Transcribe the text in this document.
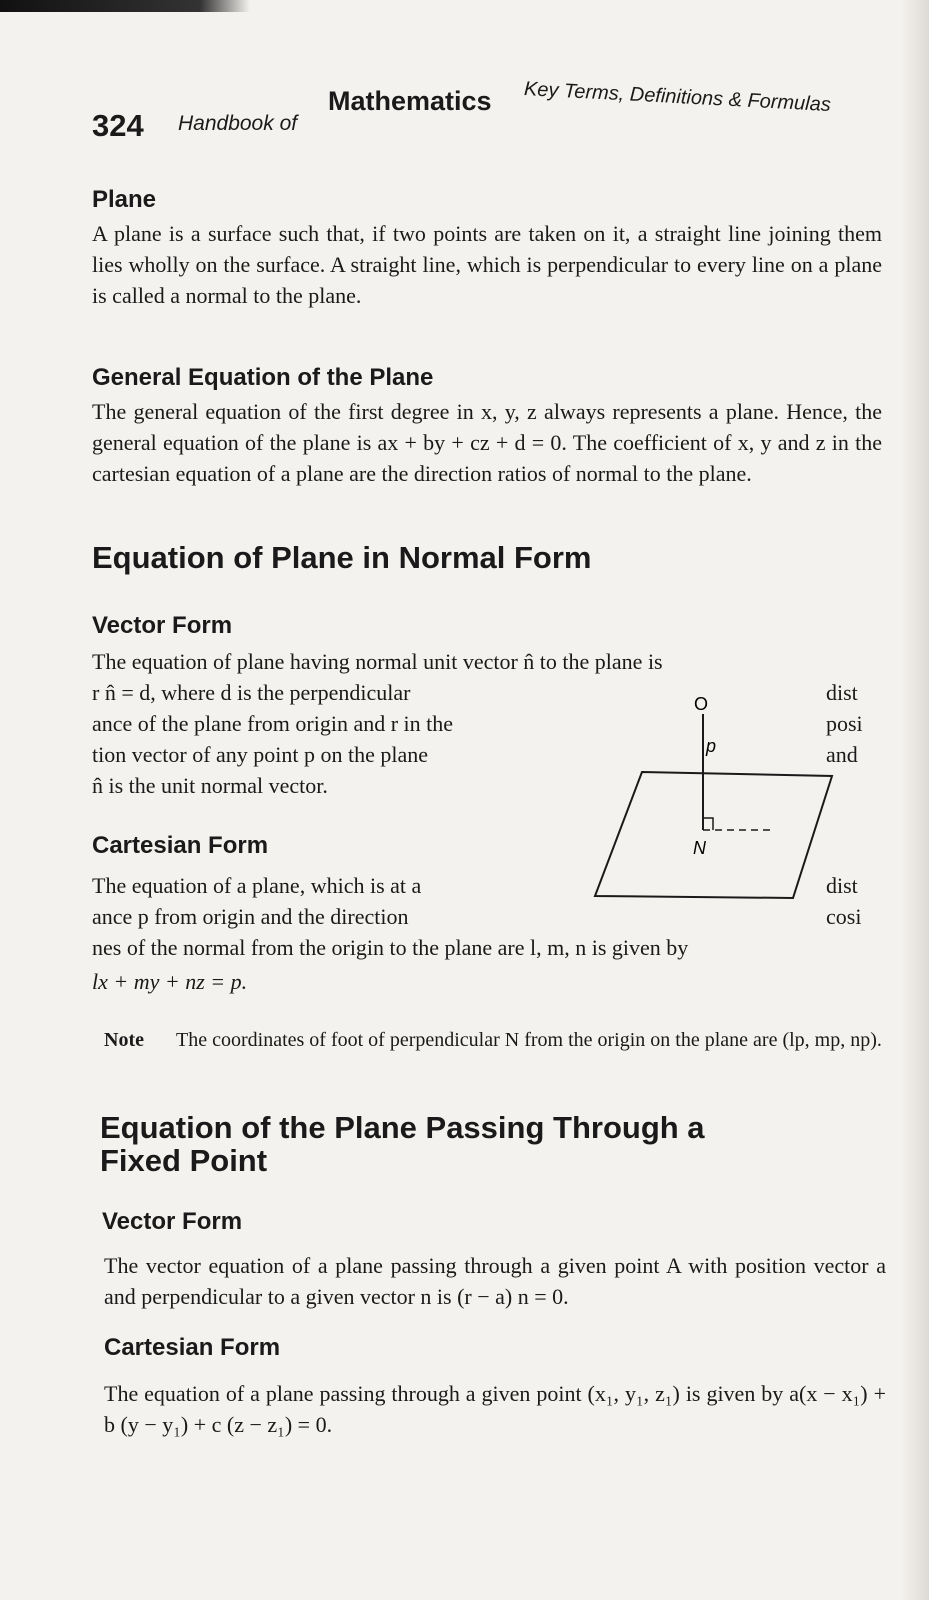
324 Handbook of
Mathematics Key Terms, Definitions & Formulas
Plane

A plane is a surface such that, if two points are taken on it, a straight line joining them lies wholly on the surface. A straight line, which is perpendicular to every line on a plane is called a normal to the plane.

General Equation of the Plane

The general equation of the first degree in x, y, z always represents a plane. Hence, the general equation of the plane is ax + by + cz + d = 0. The coefficient of x, y and z in the cartesian equation of a plane are the direction ratios of normal to the plane.

Equation of Plane in Normal Form
Vector Form

The equation of plane having normal unit vector n̂ to the plane is

r n̂ = d, where d is the perpendicular
ance of the plane from origin and r in the
tion vector of any point p on the plane
n̂ is the unit normal vector.
dist
posi
and
Cartesian Form
The equation of a plane, which is at a
ance p from origin and the direction
dist
cosi

nes of the normal from the origin to the plane are l, m, n is given by

lx + my + nz = p.

O
p
N
Note The coordinates of foot of perpendicular N from the origin on the plane are (lp, mp, np).
Equation of the Plane Passing Through a
Fixed Point
Vector Form

The vector equation of a plane passing through a given point A with position vector a and perpendicular to a given vector n is (r − a) n = 0.

Cartesian Form

The equation of a plane passing through a given point (x₁, y₁, z₁) is given by a(x − x₁) + b (y − y₁) + c (z − z₁) = 0.
